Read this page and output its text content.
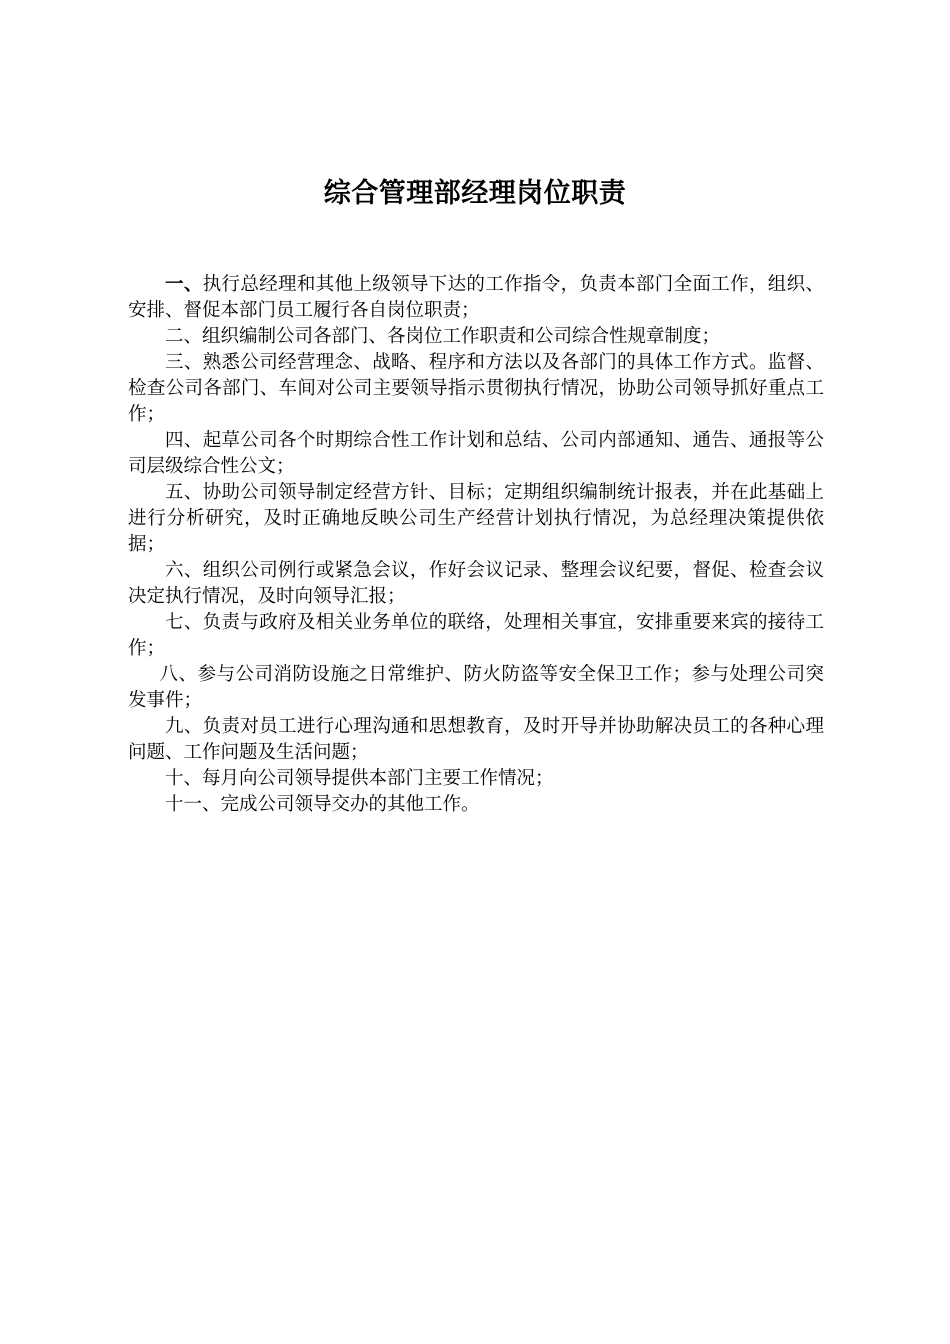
综合管理部经理岗位职责

一、执行总经理和其他上级领导下达的工作指令，负责本部门全面工作，组织、安排、督促本部门员工履行各自岗位职责；

二、组织编制公司各部门、各岗位工作职责和公司综合性规章制度；

三、熟悉公司经营理念、战略、程序和方法以及各部门的具体工作方式。监督、检查公司各部门、车间对公司主要领导指示贯彻执行情况，协助公司领导抓好重点工作；

四、起草公司各个时期综合性工作计划和总结、公司内部通知、通告、通报等公司层级综合性公文；

五、协助公司领导制定经营方针、目标；定期组织编制统计报表，并在此基础上进行分析研究，及时正确地反映公司生产经营计划执行情况，为总经理决策提供依据；

六、组织公司例行或紧急会议，作好会议记录、整理会议纪要，督促、检查会议决定执行情况，及时向领导汇报；

七、负责与政府及相关业务单位的联络，处理相关事宜，安排重要来宾的接待工作；

八、参与公司消防设施之日常维护、防火防盗等安全保卫工作；参与处理公司突发事件；

九、负责对员工进行心理沟通和思想教育，及时开导并协助解决员工的各种心理问题、工作问题及生活问题；

十、每月向公司领导提供本部门主要工作情况；

十一、完成公司领导交办的其他工作。
